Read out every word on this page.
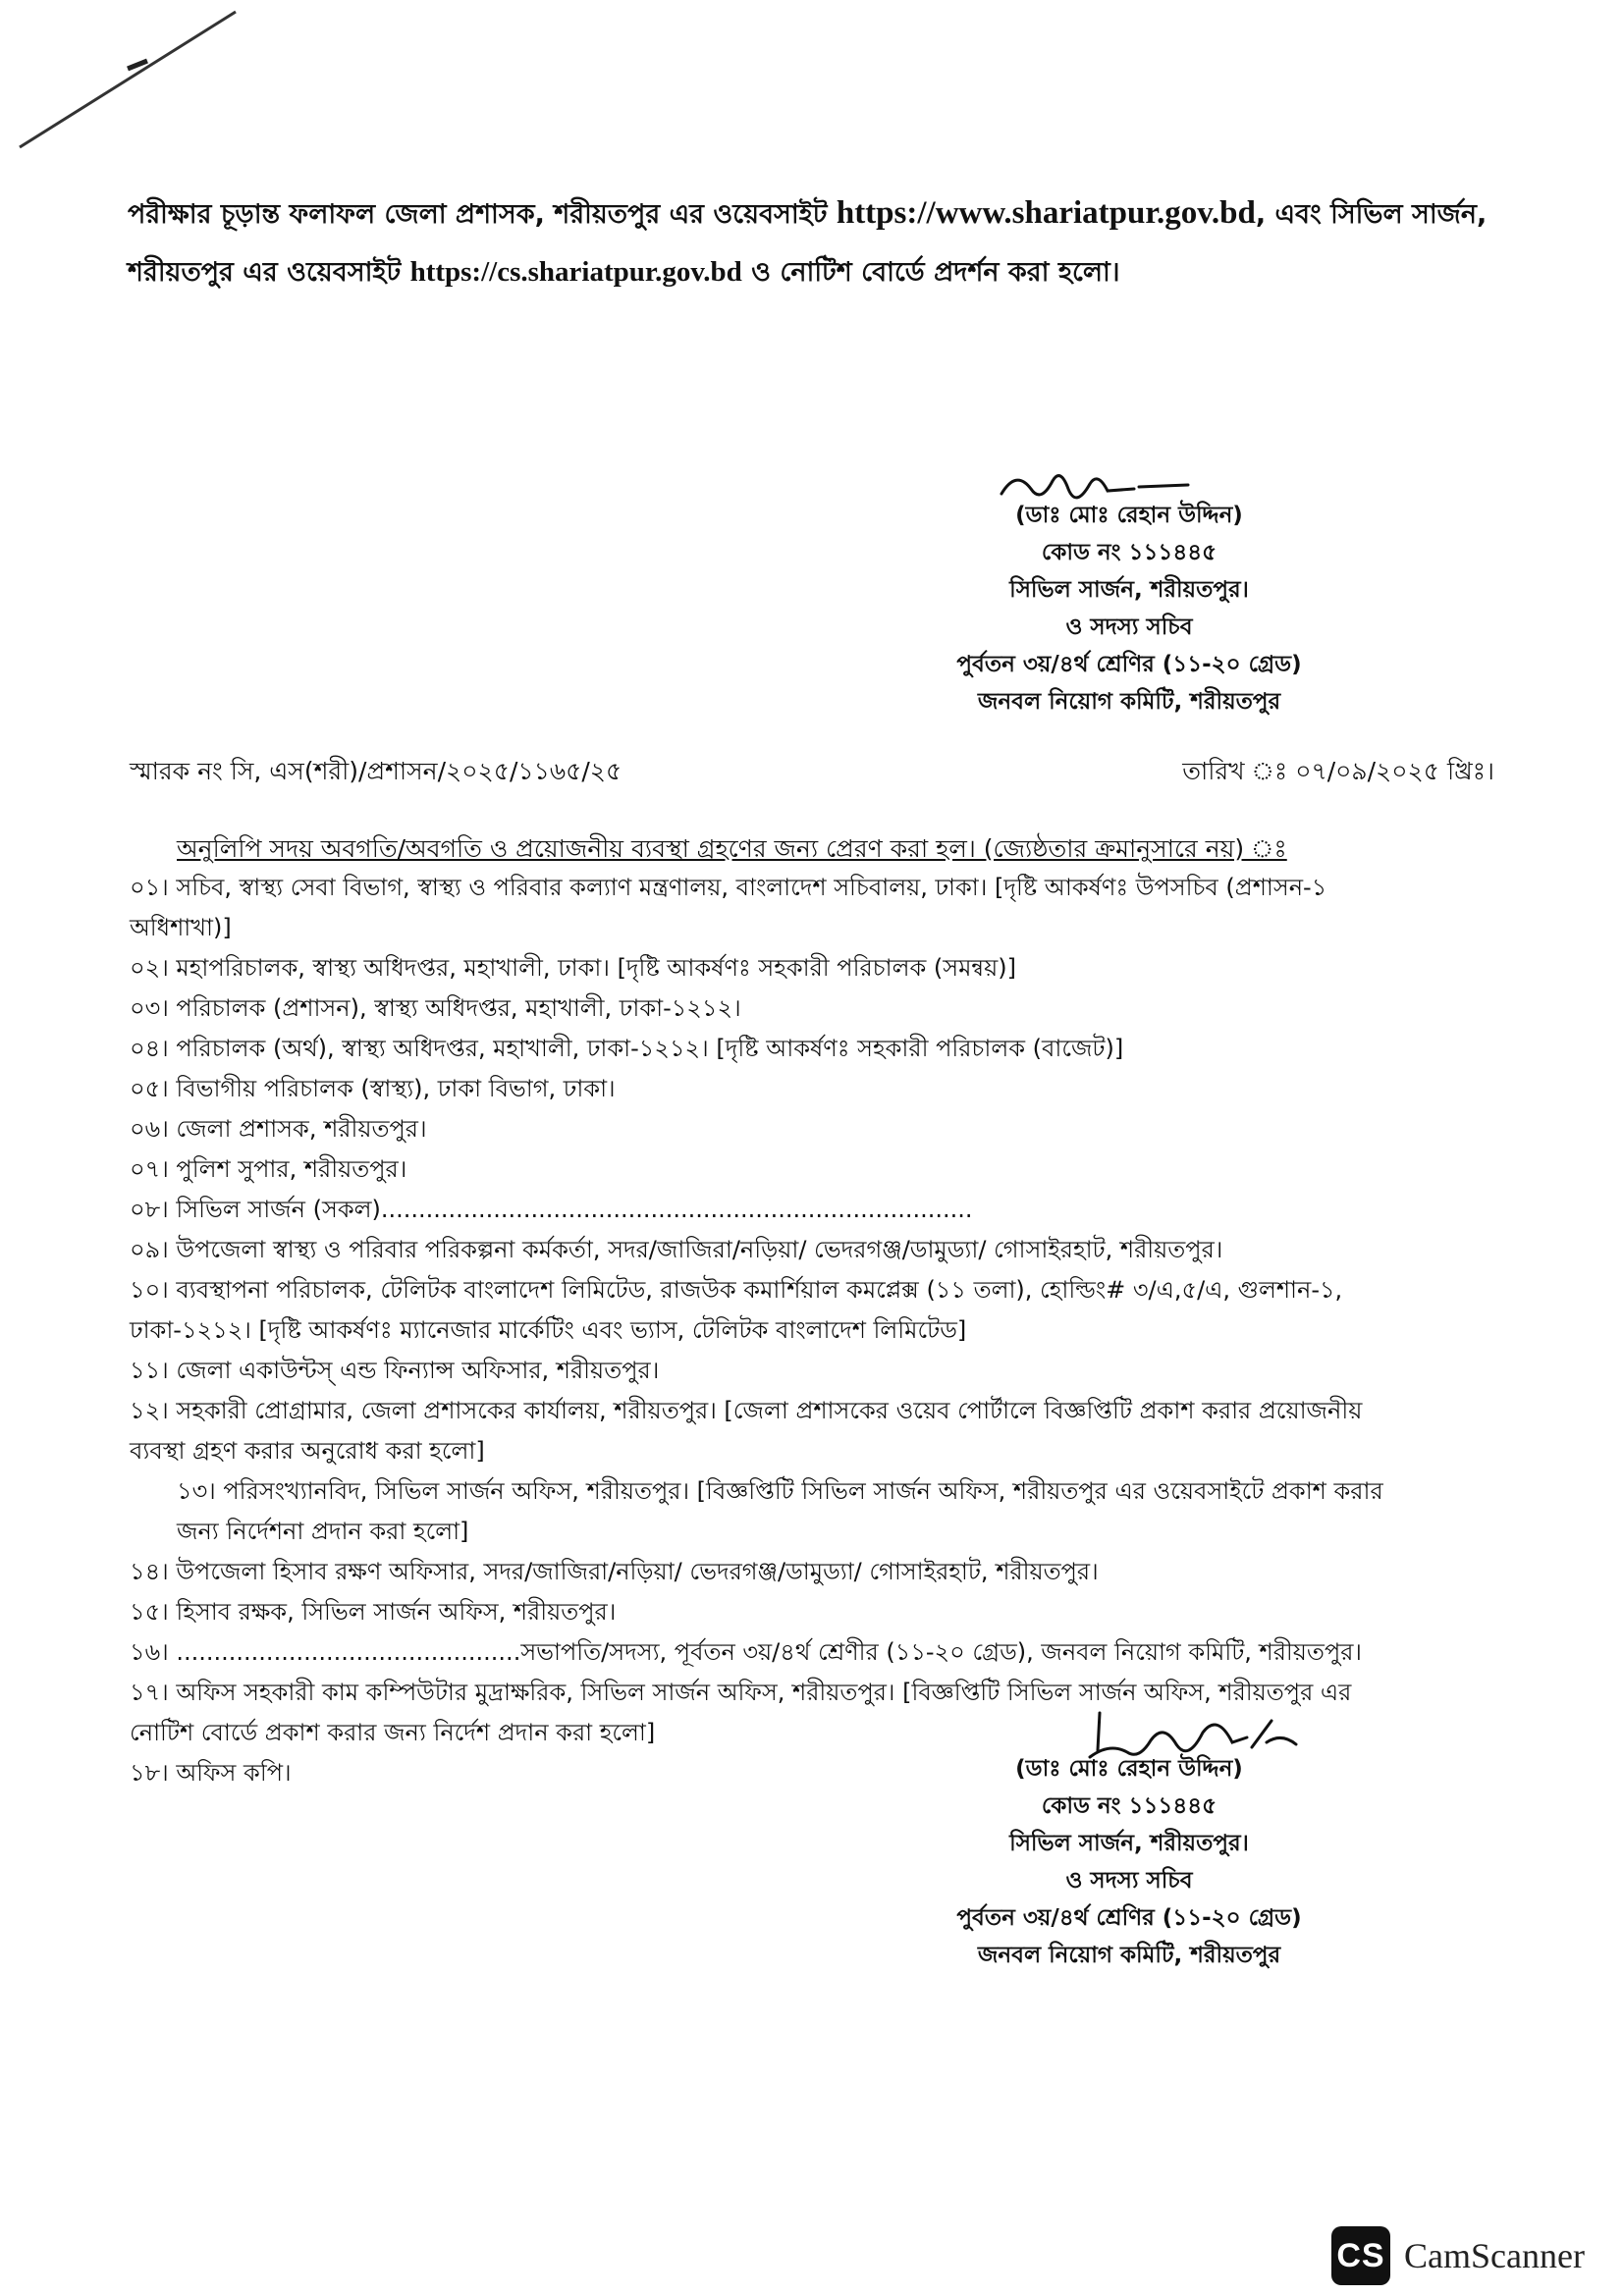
পরীক্ষার চূড়ান্ত ফলাফল জেলা প্রশাসক, শরীয়তপুর এর ওয়েবসাইট https://www.shariatpur.gov.bd, এবং সিভিল সার্জন,
শরীয়তপুর এর ওয়েবসাইট https://cs.shariatpur.gov.bd ও নোটিশ বোর্ডে প্রদর্শন করা হলো।
(ডাঃ মোঃ রেহান উদ্দিন)
কোড নং ১১১৪৪৫
সিভিল সার্জন, শরীয়তপুর।
ও সদস্য সচিব
পুর্বতন ৩য়/৪র্থ শ্রেণির (১১-২০ গ্রেড)
জনবল নিয়োগ কমিটি, শরীয়তপুর
স্মারক নং সি, এস(শরী)/প্রশাসন/২০২৫/১১৬৫/২৫	তারিখ ঃ ০৭/০৯/২০২৫ খ্রিঃ।
অনুলিপি সদয় অবগতি/অবগতি ও প্রয়োজনীয় ব্যবস্থা গ্রহণের জন্য প্রেরণ করা হল। (জ্যেষ্ঠতার ক্রমানুসারে নয়) ঃ
০১। সচিব, স্বাস্থ্য সেবা বিভাগ, স্বাস্থ্য ও পরিবার কল্যাণ মন্ত্রণালয়, বাংলাদেশ সচিবালয়, ঢাকা। [দৃষ্টি আকর্ষণঃ উপসচিব (প্রশাসন-১
অধিশাখা)]
০২। মহাপরিচালক, স্বাস্থ্য অধিদপ্তর, মহাখালী, ঢাকা। [দৃষ্টি আকর্ষণঃ সহকারী পরিচালক (সমন্বয়)]
০৩। পরিচালক (প্রশাসন), স্বাস্থ্য অধিদপ্তর, মহাখালী, ঢাকা-১২১২।
০৪। পরিচালক (অর্থ), স্বাস্থ্য অধিদপ্তর, মহাখালী, ঢাকা-১২১২। [দৃষ্টি আকর্ষণঃ সহকারী পরিচালক (বাজেট)]
০৫। বিভাগীয় পরিচালক (স্বাস্থ্য), ঢাকা বিভাগ, ঢাকা।
০৬। জেলা প্রশাসক, শরীয়তপুর।
০৭। পুলিশ সুপার, শরীয়তপুর।
০৮। সিভিল সার্জন (সকল)...............................................................................
০৯। উপজেলা স্বাস্থ্য ও পরিবার পরিকল্পনা কর্মকর্তা, সদর/জাজিরা/নড়িয়া/ ভেদরগঞ্জ/ডামুড্যা/ গোসাইরহাট, শরীয়তপুর।
১০। ব্যবস্থাপনা পরিচালক, টেলিটক বাংলাদেশ লিমিটেড, রাজউক কমার্শিয়াল কমপ্লেক্স (১১ তলা), হোল্ডিং# ৩/এ,৫/এ, গুলশান-১,
ঢাকা-১২১২। [দৃষ্টি আকর্ষণঃ ম্যানেজার মার্কেটিং এবং ভ্যাস, টেলিটক বাংলাদেশ লিমিটেড]
১১। জেলা একাউন্টস্ এন্ড ফিন্যান্স অফিসার, শরীয়তপুর।
১২। সহকারী প্রোগ্রামার, জেলা প্রশাসকের কার্যালয়, শরীয়তপুর। [জেলা প্রশাসকের ওয়েব পোর্টালে বিজ্ঞপ্তিটি প্রকাশ করার প্রয়োজনীয়
ব্যবস্থা গ্রহণ করার অনুরোধ করা হলো]
১৩। পরিসংখ্যানবিদ, সিভিল সার্জন অফিস, শরীয়তপুর। [বিজ্ঞপ্তিটি সিভিল সার্জন অফিস, শরীয়তপুর এর ওয়েবসাইটে প্রকাশ করার
জন্য নির্দেশনা প্রদান করা হলো]
১৪। উপজেলা হিসাব রক্ষণ অফিসার, সদর/জাজিরা/নড়িয়া/ ভেদরগঞ্জ/ডামুড্যা/ গোসাইরহাট, শরীয়তপুর।
১৫। হিসাব রক্ষক, সিভিল সার্জন অফিস, শরীয়তপুর।
১৬। ..............................................সভাপতি/সদস্য, পূর্বতন ৩য়/৪র্থ শ্রেণীর (১১-২০ গ্রেড), জনবল নিয়োগ কমিটি, শরীয়তপুর।
১৭। অফিস সহকারী কাম কম্পিউটার মুদ্রাক্ষরিক, সিভিল সার্জন অফিস, শরীয়তপুর। [বিজ্ঞপ্তিটি সিভিল সার্জন অফিস, শরীয়তপুর এর
নোটিশ বোর্ডে প্রকাশ করার জন্য নির্দেশ প্রদান করা হলো]
১৮। অফিস কপি।	(ডাঃ মোঃ রেহান উদ্দিন)
কোড নং ১১১৪৪৫
সিভিল সার্জন, শরীয়তপুর।
ও সদস্য সচিব
পুর্বতন ৩য়/৪র্থ শ্রেণির (১১-২০ গ্রেড)
জনবল নিয়োগ কমিটি, শরীয়তপুর
CS CamScanner
